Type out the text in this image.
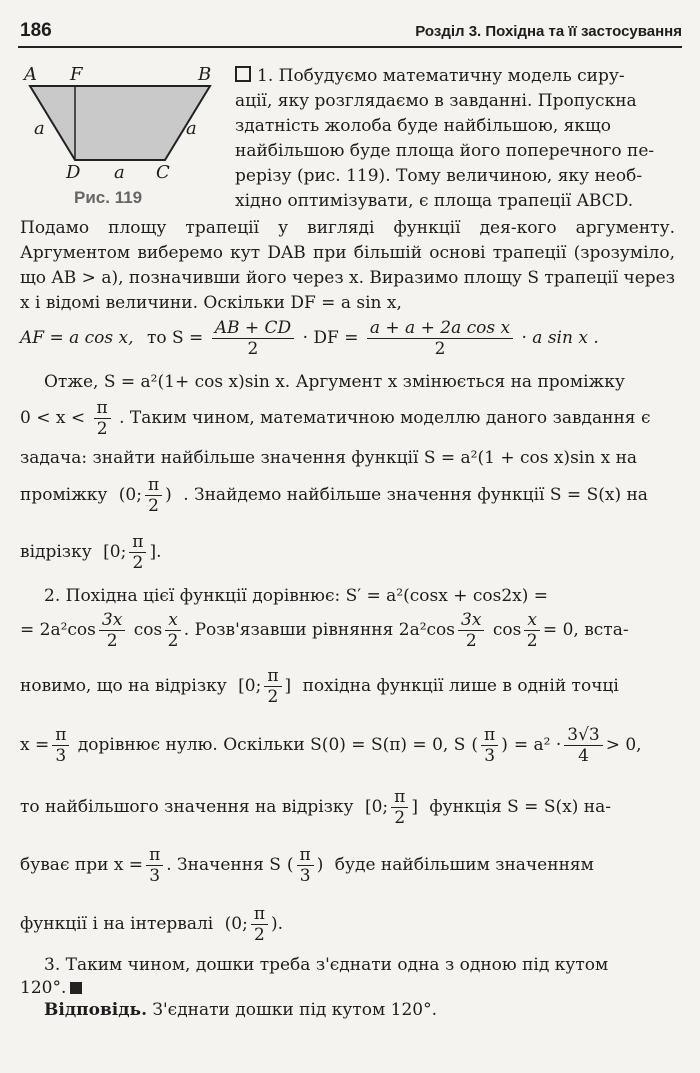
186	Розділ 3. Похідна та її застосування
A F	B
a	a
D a C
Рис. 119
1. Побудуємо математичну модель сиру-
ації, яку розглядаємо в завданні. Пропускна
здатність жолоба буде найбільшою, якщо
найбільшою буде площа його поперечного пе-
рерізу (рис. 119). Тому величиною, яку необ-
хідно оптимізувати, є площа трапеції ABCD.
Подамо площу трапеції у вигляді функції дея-кого аргументу. Аргументом виберемо кут DAB при більшій основі трапеції (зрозуміло, що AB > a), позначивши його через x. Виразимо площу S трапеції через x і відомі величини. Оскільки DF = a sin x,
AF = a cos x, то $S = \frac{AB + CD}{2}$ · DF = $\frac{\text{a + a + 2a cos x}}{2} \cdot a$ sin x .
Отже, S = a²(1+ cos x)sin x. Аргумент x змінюється на проміжку
$0 < x < \frac{\pi}{2}$ . Таким чином, математичною моделлю даного завдання є
задача: знайти найбільше значення функції S = a²(1 + cos x)sin x на
проміжку (0; $\frac{\pi}{2}$ ) . Знайдемо найбільше значення функції S = S(x) на
відрізку [0; $\frac{\pi}{2}$ ].
2. Похідна цієї функції дорівнює: S′ = a²(cosx + cos2x) =
= $2a^2\cos \frac{3x}{2}$ $\cos \frac{x}{2}$ . Розв'язавши рівняння $2a^2\cos \frac{3x}{2}$ $\cos \frac{x}{2} = 0$, вста-
новимо, що на відрізку [0; $\frac{\pi}{2}$ ] похідна функції лише в одній точці
$x = \frac{\pi}{3}$ дорівнює нулю. Оскільки S(0) = S(π) = 0, S ( $\frac{\pi}{3}$ ) = $a^2 \cdot \frac{3√3}{4} > 0$,
то найбільшого значення на відрізку [0; $\frac{\pi}{2}$ ] функція S = S(x) на-
буває при $x = \frac{\pi}{3}$ . Значення S ( $\frac{\pi}{3}$ ) буде найбільшим значенням
функції і на інтервалі (0; $\frac{\pi}{2}$ ).
3. Таким чином, дошки треба з'єднати одна з одною під кутом
120°.
Відповідь. З'єднати дошки під кутом 120°.
